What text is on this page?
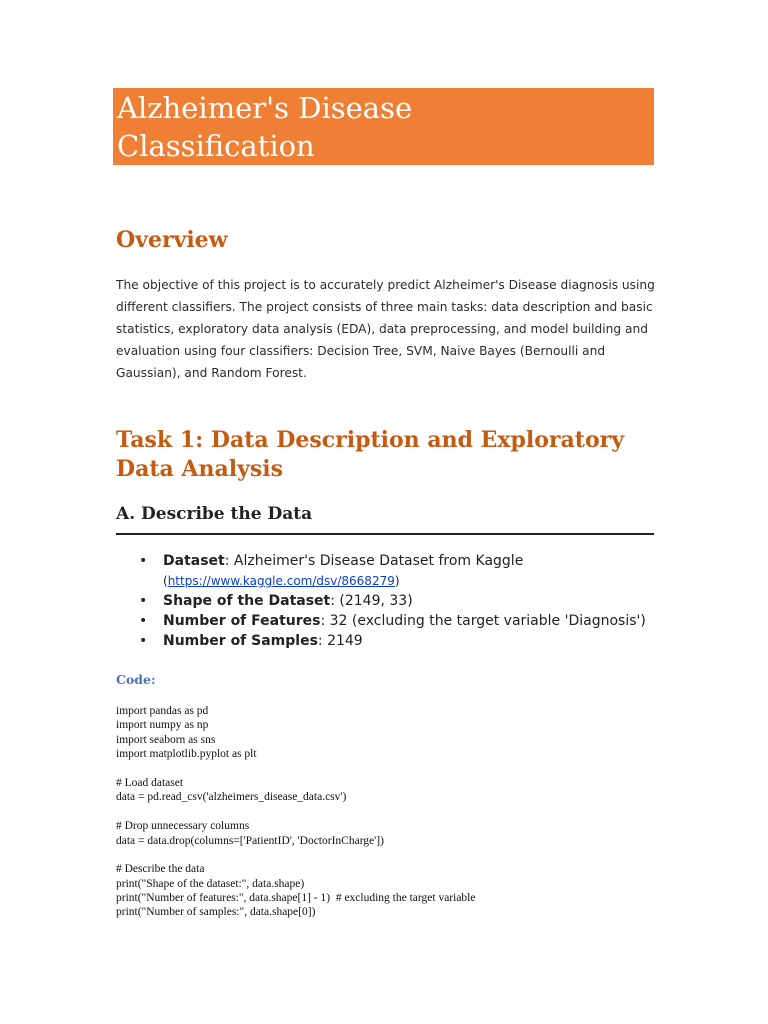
Alzheimer's Disease
Classification
Overview

The objective of this project is to accurately predict Alzheimer's Disease diagnosis using different classifiers. The project consists of three main tasks: data description and basic statistics, exploratory data analysis (EDA), data preprocessing, and model building and evaluation using four classifiers: Decision Tree, SVM, Naive Bayes (Bernoulli and Gaussian), and Random Forest.

Task 1: Data Description and Exploratory Data Analysis
A. Describe the Data
• Dataset: Alzheimer's Disease Dataset from Kaggle
(https://www.kaggle.com/dsv/8668279)
• Shape of the Dataset: (2149, 33)
• Number of Features: 32 (excluding the target variable 'Diagnosis')
• Number of Samples: 2149

Code:

import pandas as pd
import numpy as np
import seaborn as sns
import matplotlib.pyplot as plt
# Load dataset
data = pd.read_csv('alzheimers_disease_data.csv')
# Drop unnecessary columns
data = data.drop(columns=['PatientID', 'DoctorInCharge'])
# Describe the data
print("Shape of the dataset:", data.shape)
print("Number of features:", data.shape[1] - 1)  # excluding the target variable
print("Number of samples:", data.shape[0])
